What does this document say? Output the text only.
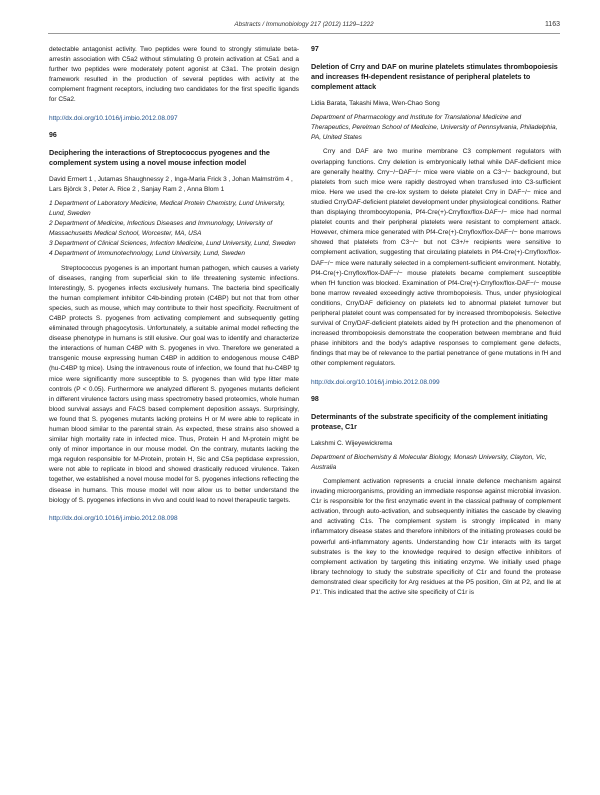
Abstracts / Immunobiology 217 (2012) 1129–1222	1163

detectable antagonist activity. Two peptides were found to strongly stimulate beta-arrestin association with C5a2 without stimulating G protein activation at C5a1 and a further two peptides were moderately potent agonist at C3a1. The protein design framework resulted in the production of several peptides with activity at the complement fragment receptors, including two candidates for the first specific ligands for C5a2.

http://dx.doi.org/10.1016/j.imbio.2012.08.097

96
Deciphering the interactions of Streptococcus pyogenes and the complement system using a novel mouse infection model
David Ermert 1 , Jutamas Shaughnessy 2 , Inga-Maria Frick 3 , Johan Malmström 4 , Lars Björck 3 , Peter A. Rice 2 , Sanjay Ram 2 , Anna Blom 1
1 Department of Laboratory Medicine, Medical Protein Chemistry, Lund University, Lund, Sweden
2 Department of Medicine, Infectious Diseases and Immunology, University of Massachusetts Medical School, Worcester, MA, USA
3 Department of Clinical Sciences, Infection Medicine, Lund University, Lund, Sweden
4 Department of Immunotechnology, Lund University, Lund, Sweden

Streptococcus pyogenes is an important human pathogen, which causes a variety of diseases, ranging from superficial skin to life threatening systemic infections. Interestingly, S. pyogenes infects exclusively humans. The bacteria bind specifically the human complement inhibitor C4b-binding protein (C4BP) but not that from other species, such as mouse, which may contribute to their host specificity. Recruitment of C4BP protects S. pyogenes from activating complement and subsequently getting eliminated through phagocytosis. Unfortunately, a suitable animal model reflecting the disease phenotype in humans is still elusive. Our goal was to identify and characterize the interactions of human C4BP with S. pyogenes in vivo. Therefore we generated a transgenic mouse expressing human C4BP in addition to endogenous mouse C4BP (hu-C4BP tg mice). Using the intravenous route of infection, we found that hu-C4BP tg mice were significantly more susceptible to S. pyogenes than wild type litter mate controls (P < 0.05). Furthermore we analyzed different S. pyogenes mutants deficient in different virulence factors using mass spectrometry based proteomics, whole human blood survival assays and FACS based complement deposition assays. Surprisingly, we found that S. pyogenes mutants lacking proteins H or M were able to replicate in human blood similar to the parental strain. As expected, these strains also showed a similar high mortality rate in infected mice. Thus, Protein H and M-protein might be only of minor importance in our mouse model. On the contrary, mutants lacking the mga regulon responsible for M-Protein, protein H, Sic and C5a peptidase expression, were not able to replicate in blood and showed drastically reduced virulence. Taken together, we established a novel mouse model for S. pyogenes infections reflecting the disease in humans. This mouse model will now allow us to better understand the biology of S. pyogenes infections in vivo and could lead to novel therapeutic targets.

http://dx.doi.org/10.1016/j.imbio.2012.08.098

97
Deletion of Crry and DAF on murine platelets stimulates thrombopoiesis and increases fH-dependent resistance of peripheral platelets to complement attack
Lidia Barata, Takashi Miwa, Wen-Chao Song
Department of Pharmacology and Institute for Translational Medicine and Therapeutics, Perelman School of Medicine, University of Pennsylvania, Philadelphia, PA, United States

Crry and DAF are two murine membrane C3 complement regulators with overlapping functions. Crry deletion is embryonically lethal while DAF-deficient mice are generally healthy. Crry−/−DAF−/− mice were viable on a C3−/− background, but platelets from such mice were rapidly destroyed when transfused into C3-sufficient mice. Here we used the cre-lox system to delete platelet Crry in DAF−/− mice and studied Crry/DAF-deficient platelet development under physiological conditions. Rather than displaying thrombocytopenia, Pf4-Cre(+)-Crryflox/flox-DAF−/− mice had normal platelet counts and their peripheral platelets were resistant to complement attack. However, chimera mice generated with Pf4-Cre(+)-Crryflox/flox-DAF−/− bone marrows showed that platelets from C3−/− but not C3+/+ recipients were sensitive to complement activation, suggesting that circulating platelets in Pf4-Cre(+)-Crryflox/flox-DAF−/− mice were naturally selected in a complement-sufficient environment. Notably, Pf4-Cre(+)-Crryflox/flox-DAF−/− mouse platelets became complement susceptible when fH function was blocked. Examination of Pf4-Cre(+)-Crryflox/flox-DAF−/− mouse bone marrow revealed exceedingly active thrombopoiesis. Thus, under physiological conditions, Crry/DAF deficiency on platelets led to abnormal platelet turnover but peripheral platelet count was compensated for by increased thrombopoiesis. Selective survival of Crry/DAF-deficient platelets aided by fH protection and the phenomenon of increased thrombopoiesis demonstrate the cooperation between membrane and fluid phase inhibitors and the body's adaptive responses to complement gene defects, findings that may be of relevance to the partial penetrance of gene mutations in fH and other complement regulators.

http://dx.doi.org/10.1016/j.imbio.2012.08.099

98
Determinants of the substrate specificity of the complement initiating protease, C1r
Lakshmi C. Wijeyewickrema
Department of Biochemistry & Molecular Biology, Monash University, Clayton, Vic, Australia

Complement activation represents a crucial innate defence mechanism against invading microorganisms, providing an immediate response against microbial invasion. C1r is responsible for the first enzymatic event in the classical pathway of complement activation, through auto-activation, and subsequently initiates the cascade by cleaving and activating C1s. The complement system is strongly implicated in many inflammatory disease states and therefore inhibitors of the initiating proteases could be powerful anti-inflammatory agents. Understanding how C1r interacts with its target substrates is the key to the knowledge required to design effective inhibitors of complement activation by targeting this initiating enzyme. We initially used phage library technology to study the substrate specificity of C1r and found the protease demonstrated clear specificity for Arg residues at the P5 position, Gln at P2, and Ile at P1′. This indicated that the active site specificity of C1r is
